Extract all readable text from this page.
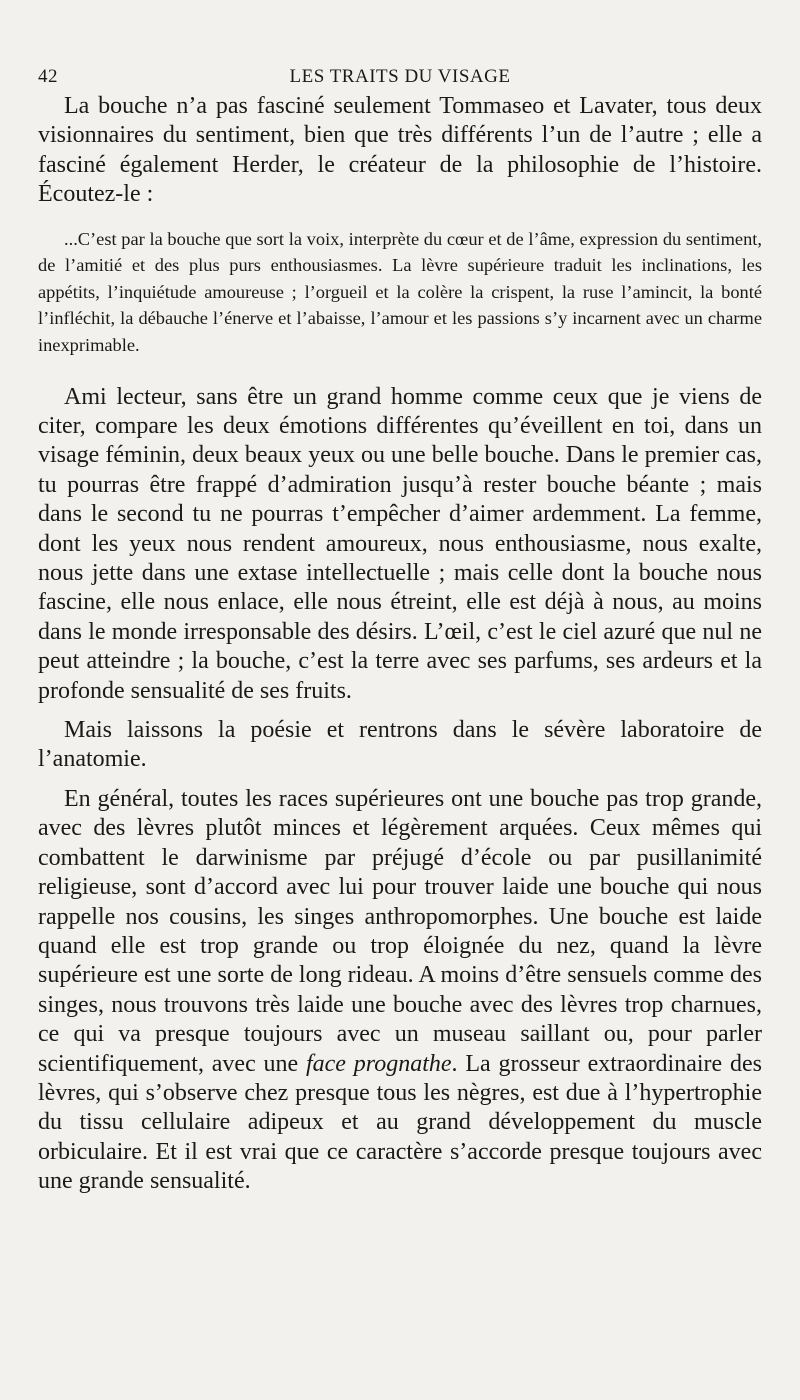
42	LES TRAITS DU VISAGE

La bouche n’a pas fasciné seulement Tommaseo et Lavater, tous deux visionnaires du sentiment, bien que très différents l’un de l’autre ; elle a fasciné également Herder, le créateur de la philosophie de l’histoire. Écoutez-le :

...C’est par la bouche que sort la voix, interprète du cœur et de l’âme, expression du sentiment, de l’amitié et des plus purs enthousiasmes. La lèvre supérieure traduit les inclinations, les appétits, l’inquiétude amoureuse ; l’orgueil et la colère la crispent, la ruse l’amincit, la bonté l’infléchit, la débauche l’énerve et l’abaisse, l’amour et les passions s’y incarnent avec un charme inexprimable.

Ami lecteur, sans être un grand homme comme ceux que je viens de citer, compare les deux émotions différentes qu’éveillent en toi, dans un visage féminin, deux beaux yeux ou une belle bouche. Dans le premier cas, tu pourras être frappé d’admiration jusqu’à rester bouche béante ; mais dans le second tu ne pourras t’empêcher d’aimer ardemment. La femme, dont les yeux nous rendent amoureux, nous enthousiasme, nous exalte, nous jette dans une extase intellectuelle ; mais celle dont la bouche nous fascine, elle nous enlace, elle nous étreint, elle est déjà à nous, au moins dans le monde irresponsable des désirs. L’œil, c’est le ciel azuré que nul ne peut atteindre ; la bouche, c’est la terre avec ses parfums, ses ardeurs et la profonde sensualité de ses fruits.

Mais laissons la poésie et rentrons dans le sévère laboratoire de l’anatomie.

En général, toutes les races supérieures ont une bouche pas trop grande, avec des lèvres plutôt minces et légèrement arquées. Ceux mêmes qui combattent le darwinisme par préjugé d’école ou par pusillanimité religieuse, sont d’accord avec lui pour trouver laide une bouche qui nous rappelle nos cousins, les singes anthropomorphes. Une bouche est laide quand elle est trop grande ou trop éloignée du nez, quand la lèvre supérieure est une sorte de long rideau. A moins d’être sensuels comme des singes, nous trouvons très laide une bouche avec des lèvres trop charnues, ce qui va presque toujours avec un museau saillant ou, pour parler scientifiquement, avec une face prognathe. La grosseur extraordinaire des lèvres, qui s’observe chez presque tous les nègres, est due à l’hypertrophie du tissu cellulaire adipeux et au grand développement du muscle orbiculaire. Et il est vrai que ce caractère s’accorde presque toujours avec une grande sensualité.
